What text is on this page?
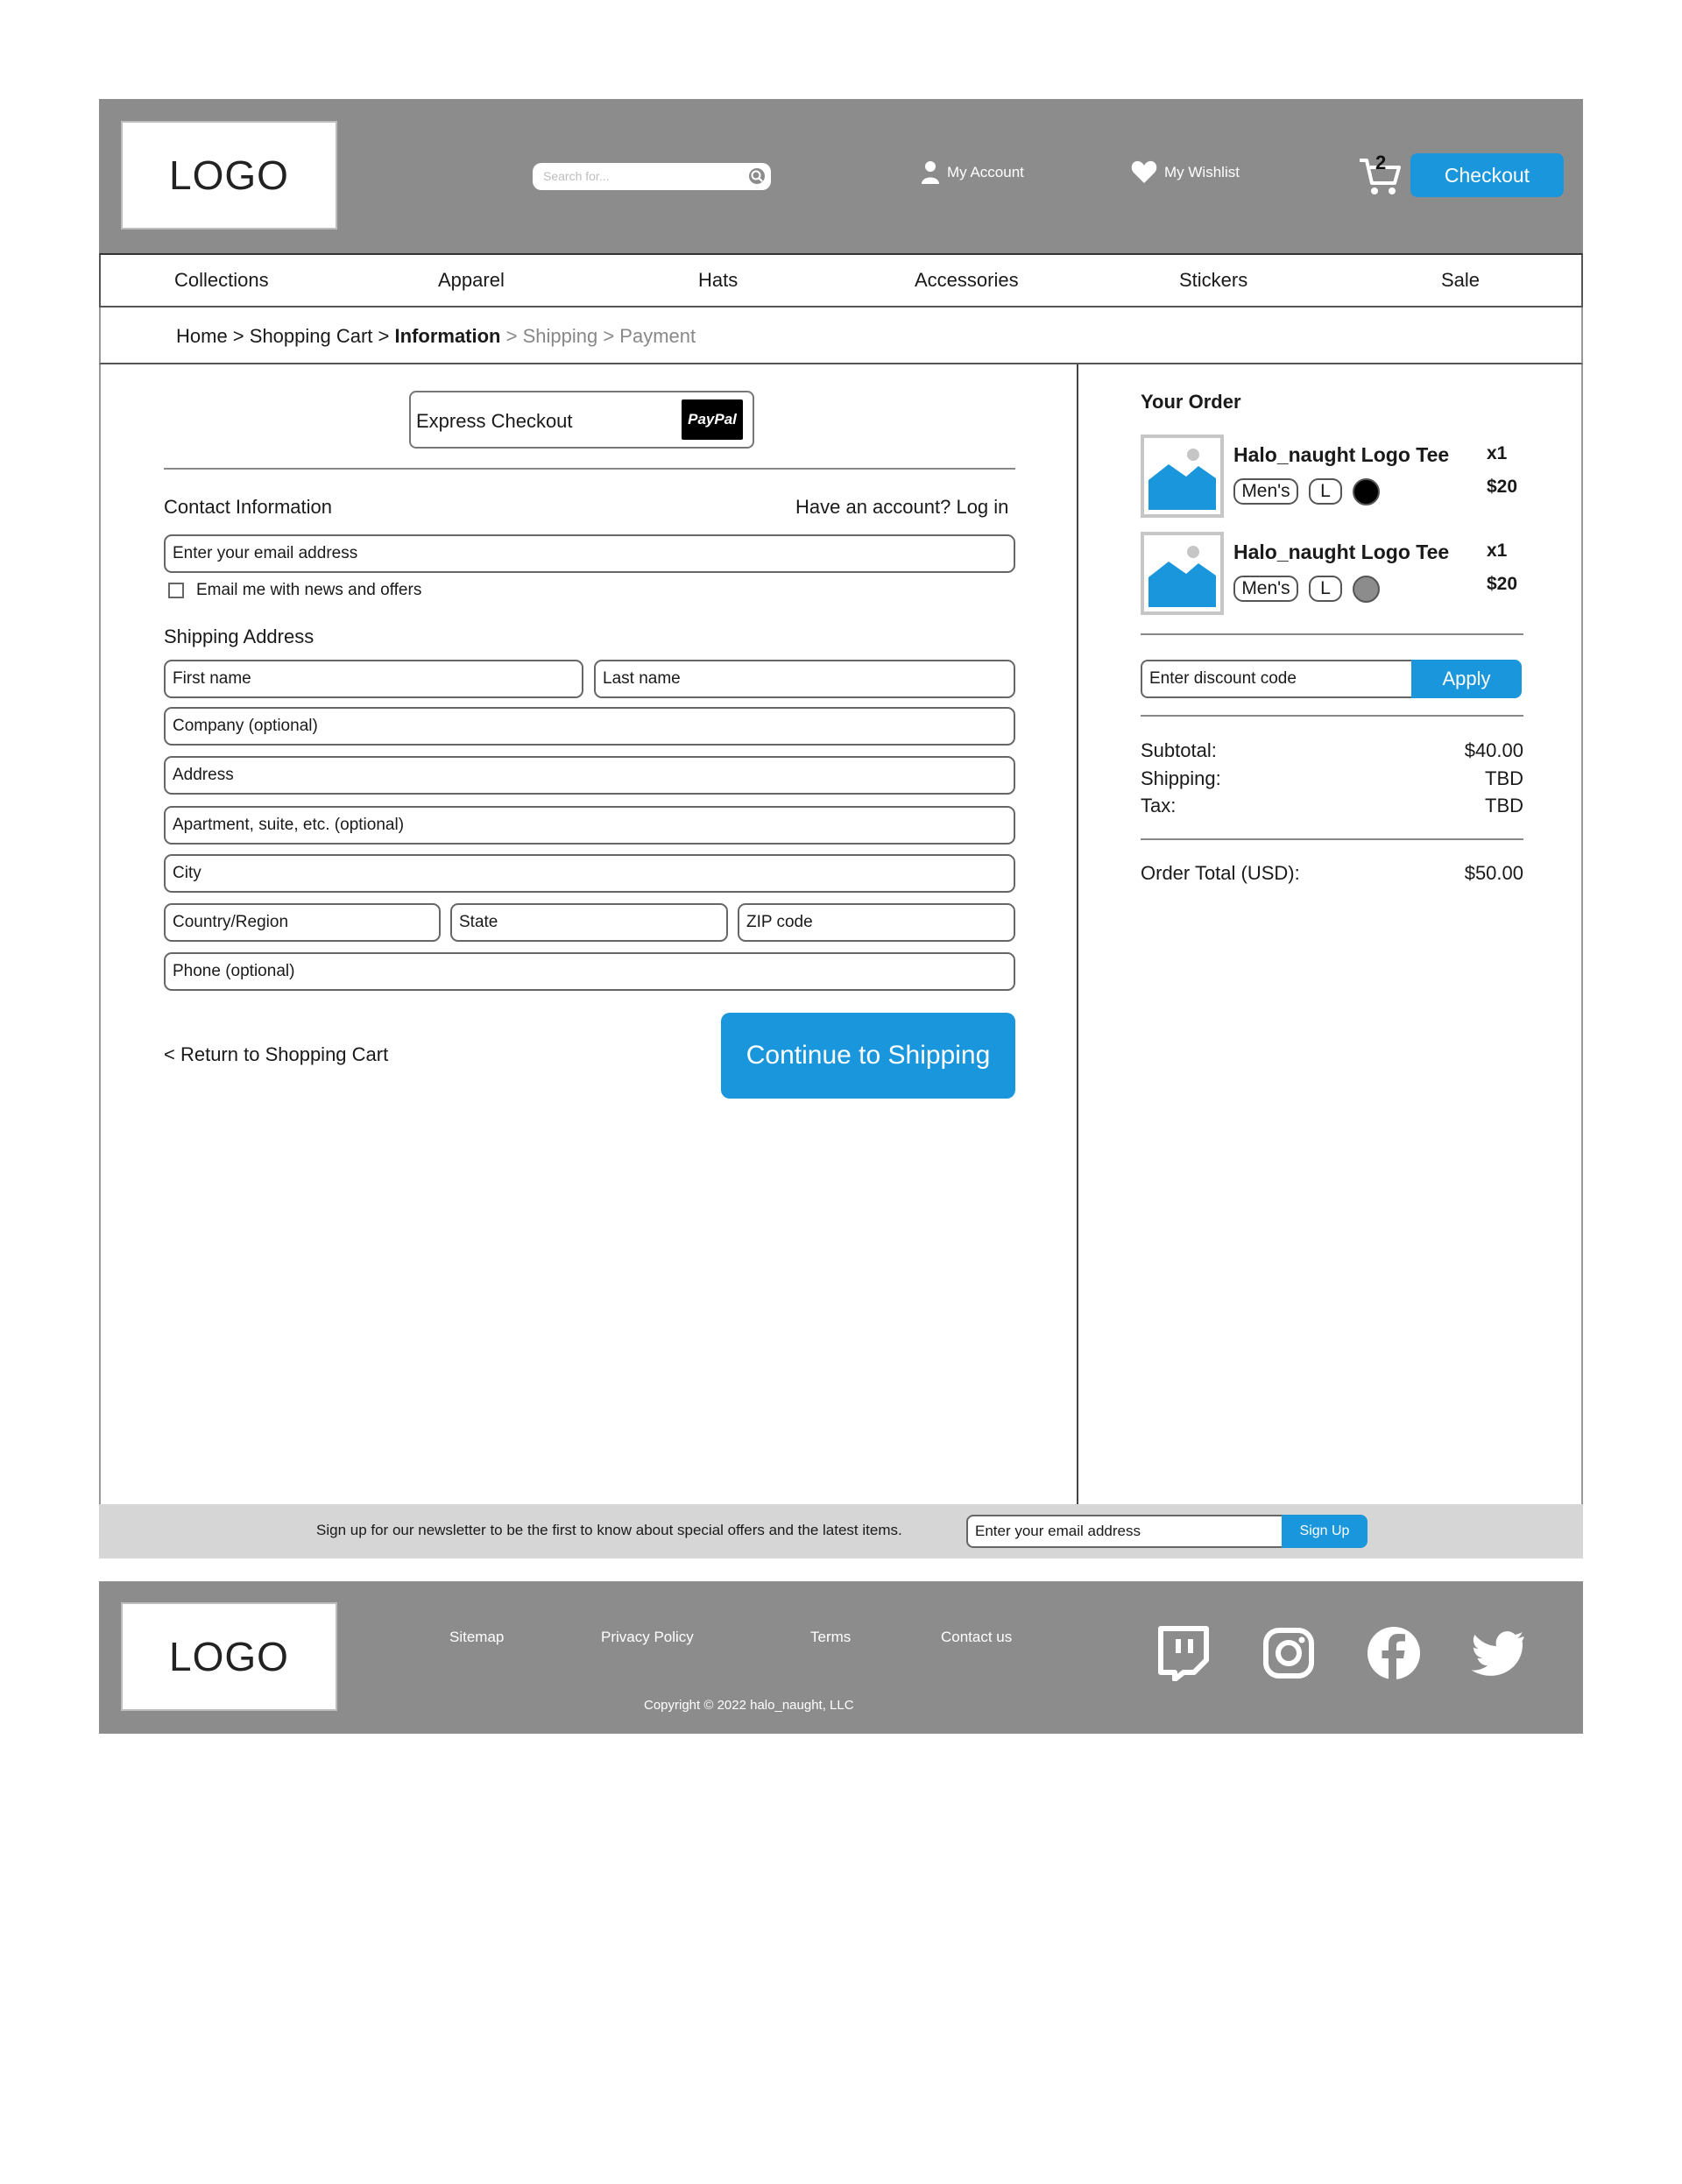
LOGO	Search for...	My Account	My Wishlist	2
Checkout
Collections	Apparel	Hats	Accessories	Stickers	Sale
Home > Shopping Cart > Information > Shipping > Payment
Express Checkout	PayPal
Contact Information	Have an account? Log in
Enter your email address
Email me with news and offers
Shipping Address
First name
Last name
Company (optional)
Address
Apartment, suite, etc. (optional)
City
Country/Region
State
ZIP code
Phone (optional)
< Return to Shopping Cart	Continue to Shipping
Your Order
Halo_naught Logo Tee
Men's	L
x1
$20
Halo_naught Logo Tee
Men's	L
x1
$20
Enter discount code
Apply
Subtotal:	$40.00
Shipping:	TBD
Tax:	TBD
Order Total (USD):	$50.00
Sign up for our newsletter to be the first to know about special offers and the latest items.
Enter your email address	Sign Up
LOGO	Sitemap	Privacy Policy	Terms	Contact us
Copyright © 2022 halo_naught, LLC
